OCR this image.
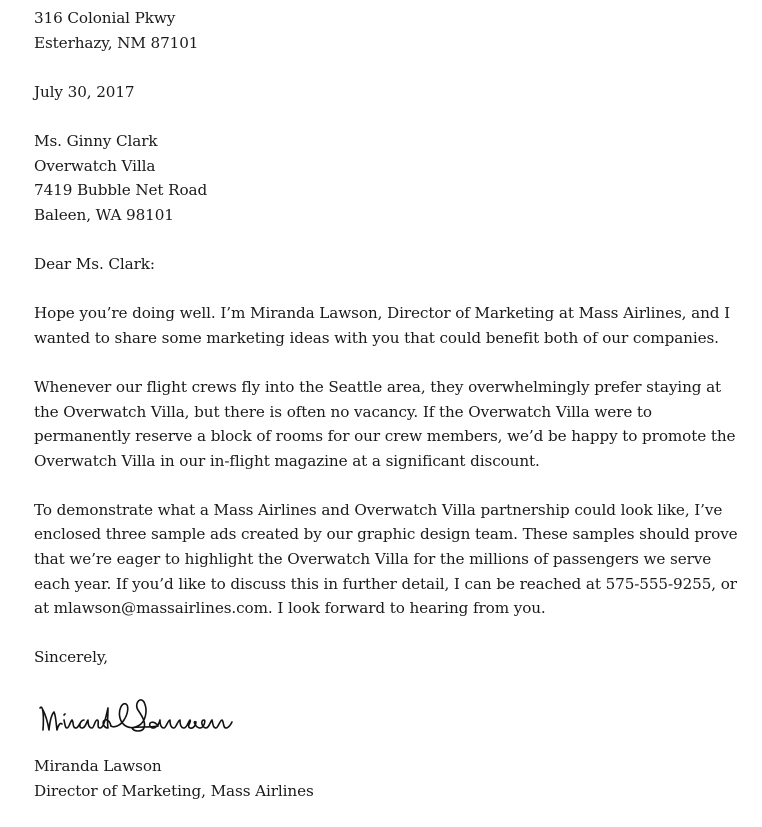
316 Colonial Pkwy
Esterhazy, NM 87101
July 30, 2017
Ms. Ginny Clark
Overwatch Villa
7419 Bubble Net Road
Baleen, WA 98101
Dear Ms. Clark:
Hope you’re doing well. I’m Miranda Lawson, Director of Marketing at Mass Airlines, and I
wanted to share some marketing ideas with you that could benefit both of our companies.
Whenever our flight crews fly into the Seattle area, they overwhelmingly prefer staying at
the Overwatch Villa, but there is often no vacancy. If the Overwatch Villa were to
permanently reserve a block of rooms for our crew members, we’d be happy to promote the
Overwatch Villa in our in-flight magazine at a significant discount.
To demonstrate what a Mass Airlines and Overwatch Villa partnership could look like, I’ve
enclosed three sample ads created by our graphic design team. These samples should prove
that we’re eager to highlight the Overwatch Villa for the millions of passengers we serve
each year. If you’d like to discuss this in further detail, I can be reached at 575-555-9255, or
at mlawson@massairlines.com. I look forward to hearing from you.
Sincerely,
Miranda Lawson
Director of Marketing, Mass Airlines
